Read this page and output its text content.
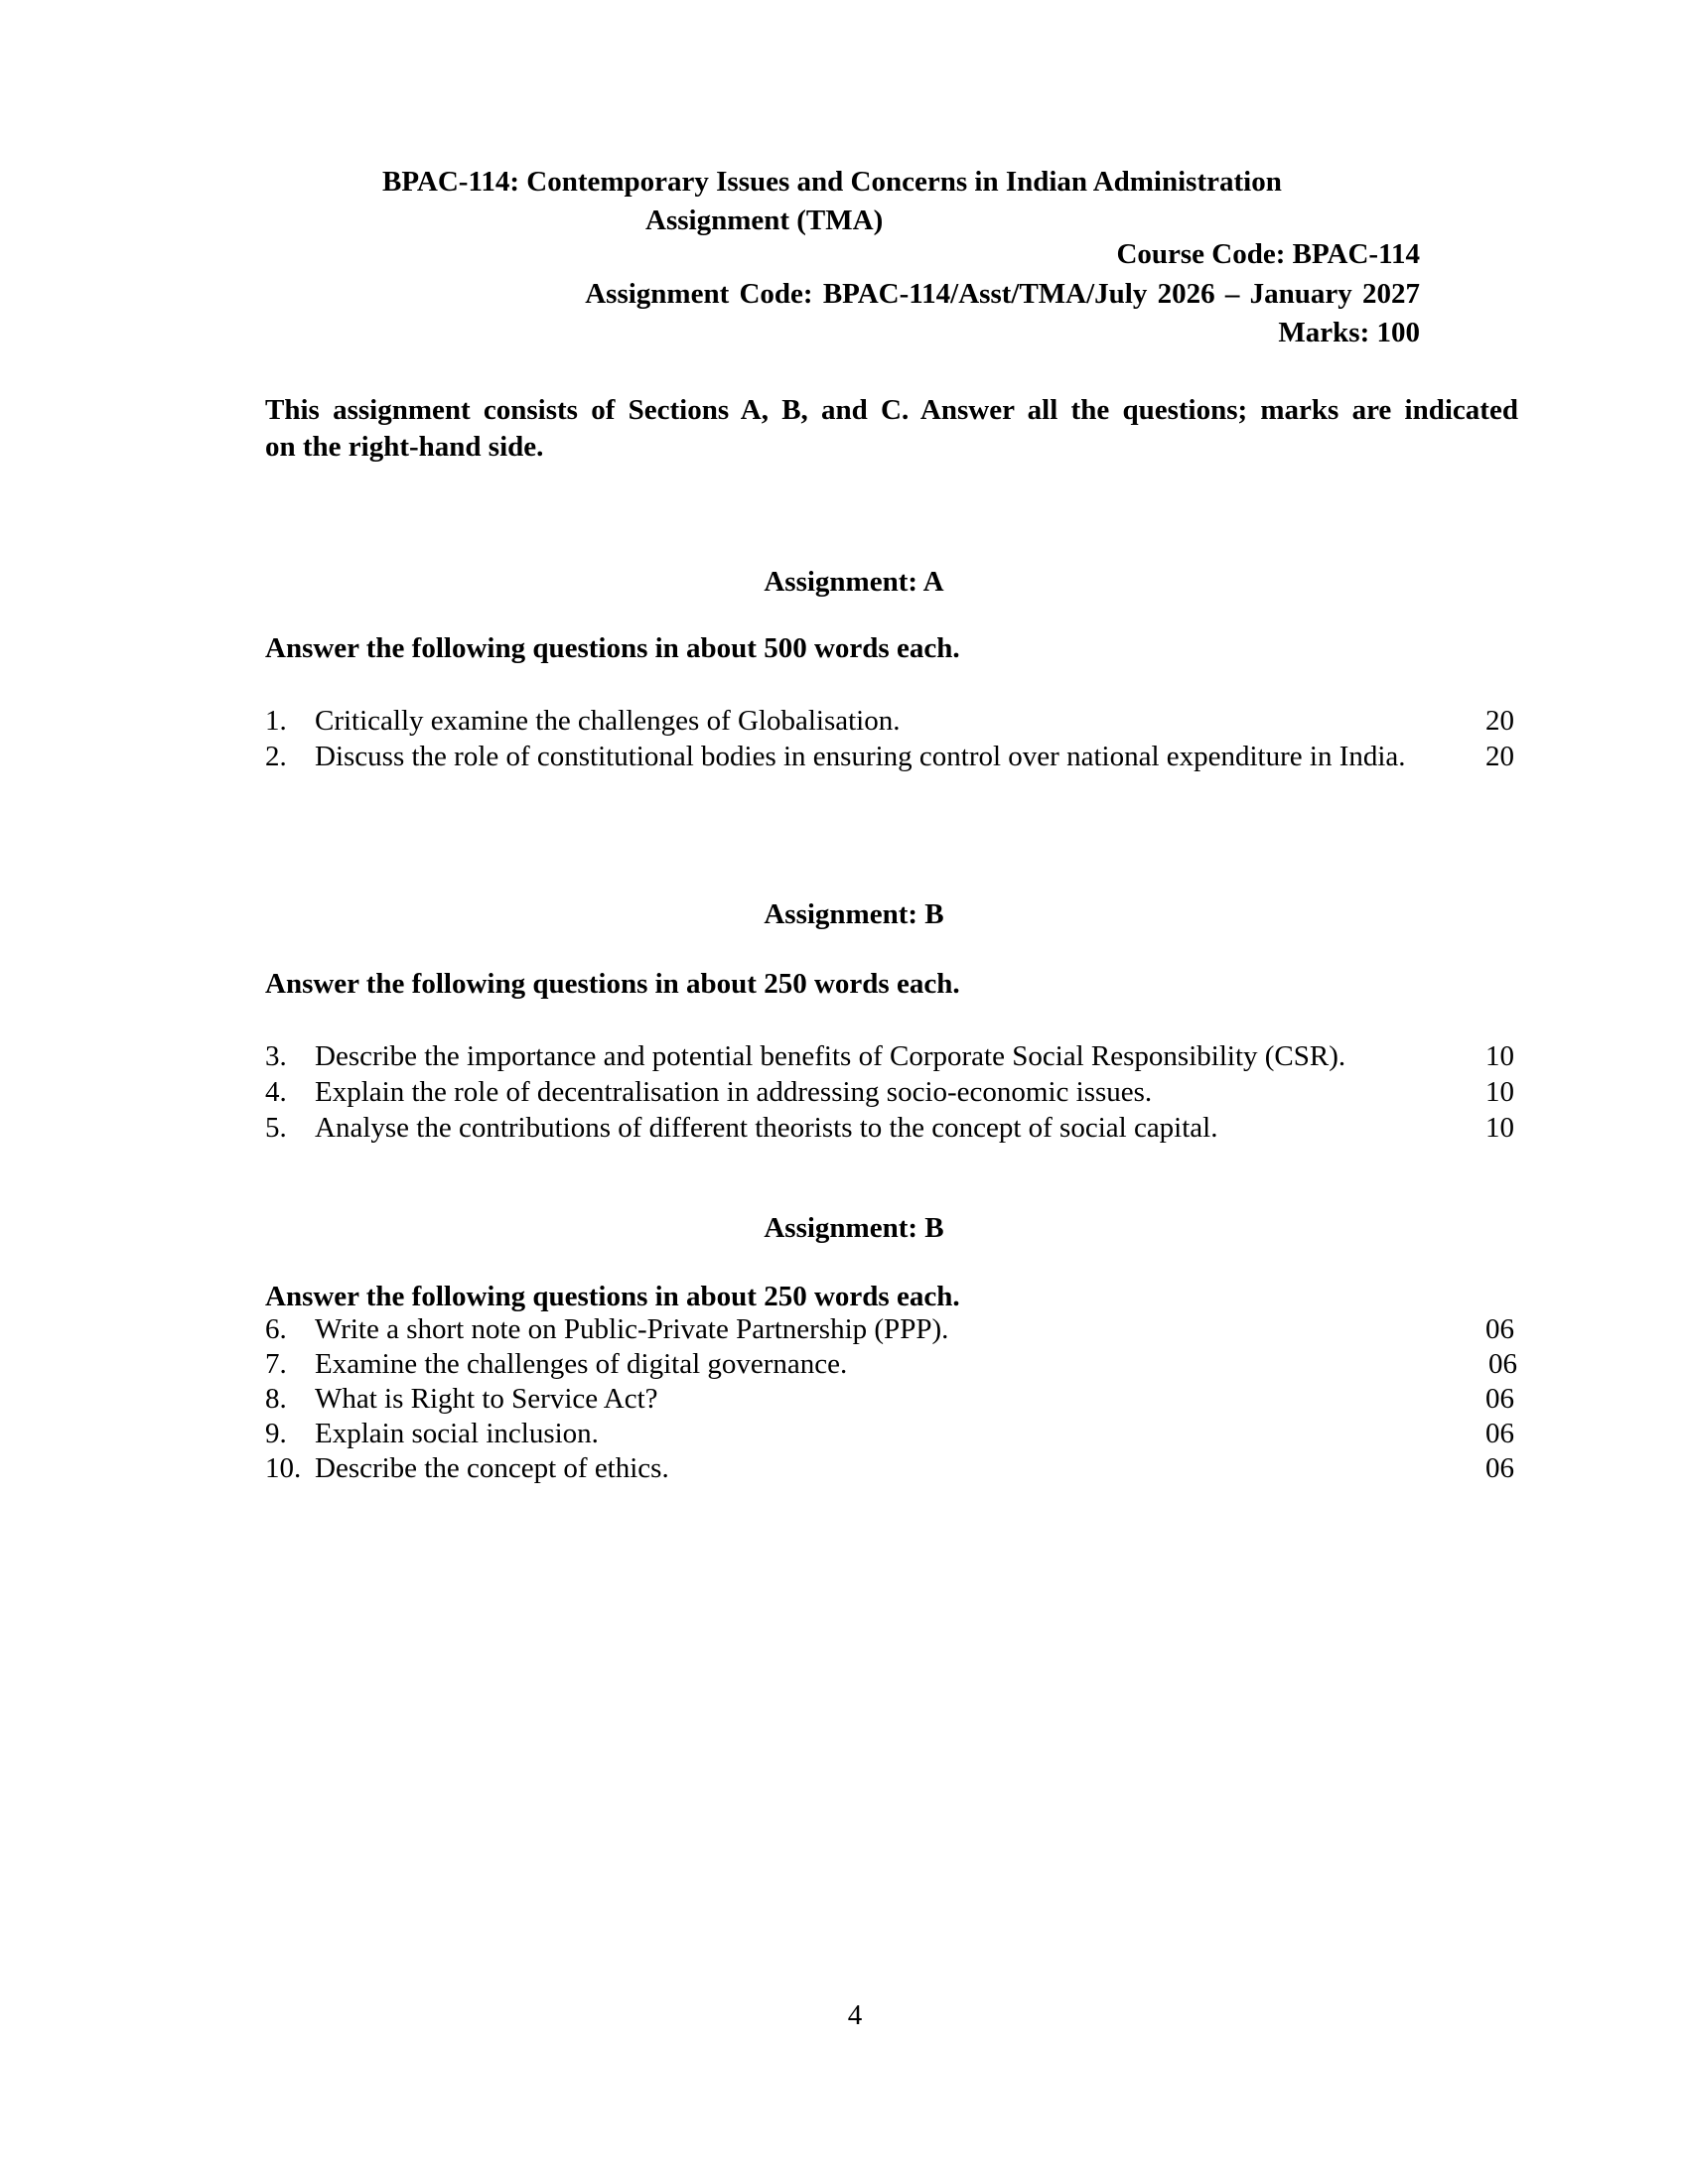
BPAC-114: Contemporary Issues and Concerns in Indian Administration
Assignment (TMA)
Course Code: BPAC-114
Assignment Code: BPAC-114/Asst/TMA/July 2026 – January 2027
Marks: 100
This assignment consists of Sections A, B, and C. Answer all the questions; marks are indicated
on the right-hand side.
Assignment: A
Answer the following questions in about 500 words each.
1. Critically examine the challenges of Globalisation.	20
2. Discuss the role of constitutional bodies in ensuring control over national expenditure in India.	20
Assignment: B
Answer the following questions in about 250 words each.
3. Describe the importance and potential benefits of Corporate Social Responsibility (CSR).	10
4. Explain the role of decentralisation in addressing socio-economic issues.	10
5. Analyse the contributions of different theorists to the concept of social capital.	10
Assignment: B
Answer the following questions in about 250 words each.
6. Write a short note on Public-Private Partnership (PPP).	06
7. Examine the challenges of digital governance.	06
8. What is Right to Service Act?	06
9. Explain social inclusion.	06
10. Describe the concept of ethics.	06
4
